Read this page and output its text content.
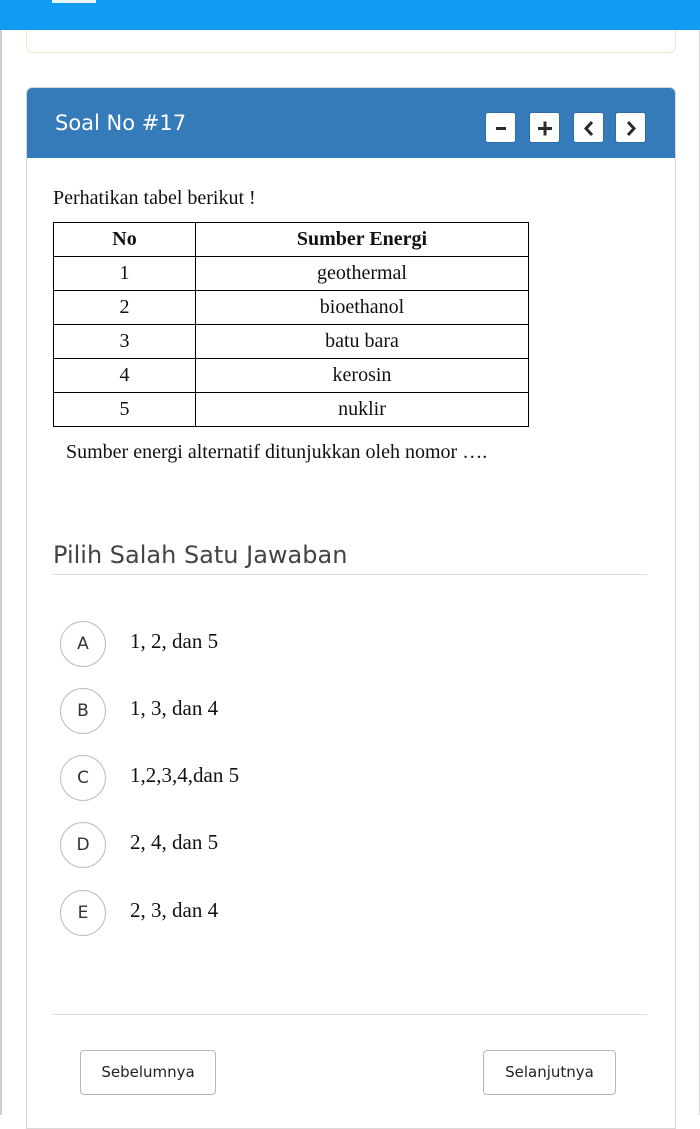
Soal No #17
Perhatikan tabel berikut !
No	Sumber Energi
1	geothermal
2	bioethanol
3	batu bara
4	kerosin
5	nuklir
Sumber energi alternatif ditunjukkan oleh nomor ….
Pilih Salah Satu Jawaban
A	1, 2, dan 5
B	1, 3, dan 4
C	1,2,3,4,dan 5
D	2, 4, dan 5
E	2, 3, dan 4
Sebelumnya	Selanjutnya
